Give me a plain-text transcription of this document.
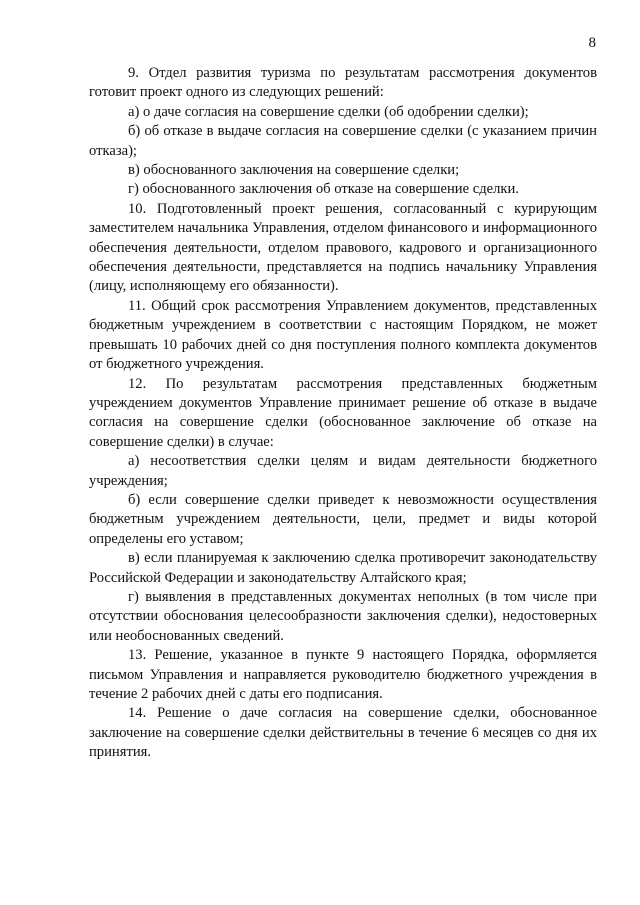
8

9. Отдел развития туризма по результатам рассмотрения документов готовит проект одного из следующих решений:

а) о даче согласия на совершение сделки (об одобрении сделки);

б) об отказе в выдаче согласия на совершение сделки (с указанием причин отказа);

в) обоснованного заключения на совершение сделки;

г) обоснованного заключения об отказе на совершение сделки.

10. Подготовленный проект решения, согласованный с курирующим заместителем начальника Управления, отделом финансового и информационного обеспечения деятельности, отделом правового, кадрового и организационного обеспечения деятельности, представляется на подпись начальнику Управления (лицу, исполняющему его обязанности).

11. Общий срок рассмотрения Управлением документов, представленных бюджетным учреждением в соответствии с настоящим Порядком, не может превышать 10 рабочих дней со дня поступления полного комплекта документов от бюджетного учреждения.

12. По результатам рассмотрения представленных бюджетным учреждением документов Управление принимает решение об отказе в выдаче согласия на совершение сделки (обоснованное заключение об отказе на совершение сделки) в случае:

а) несоответствия сделки целям и видам деятельности бюджетного учреждения;

б) если совершение сделки приведет к невозможности осуществления бюджетным учреждением деятельности, цели, предмет и виды которой определены его уставом;

в) если планируемая к заключению сделка противоречит законодательству Российской Федерации и законодательству Алтайского края;

г) выявления в представленных документах неполных (в том числе при отсутствии обоснования целесообразности заключения сделки), недостоверных или необоснованных сведений.

13. Решение, указанное в пункте 9 настоящего Порядка, оформляется письмом Управления и направляется руководителю бюджетного учреждения в течение 2 рабочих дней с даты его подписания.

14. Решение о даче согласия на совершение сделки, обоснованное заключение на совершение сделки действительны в течение 6 месяцев со дня их принятия.
